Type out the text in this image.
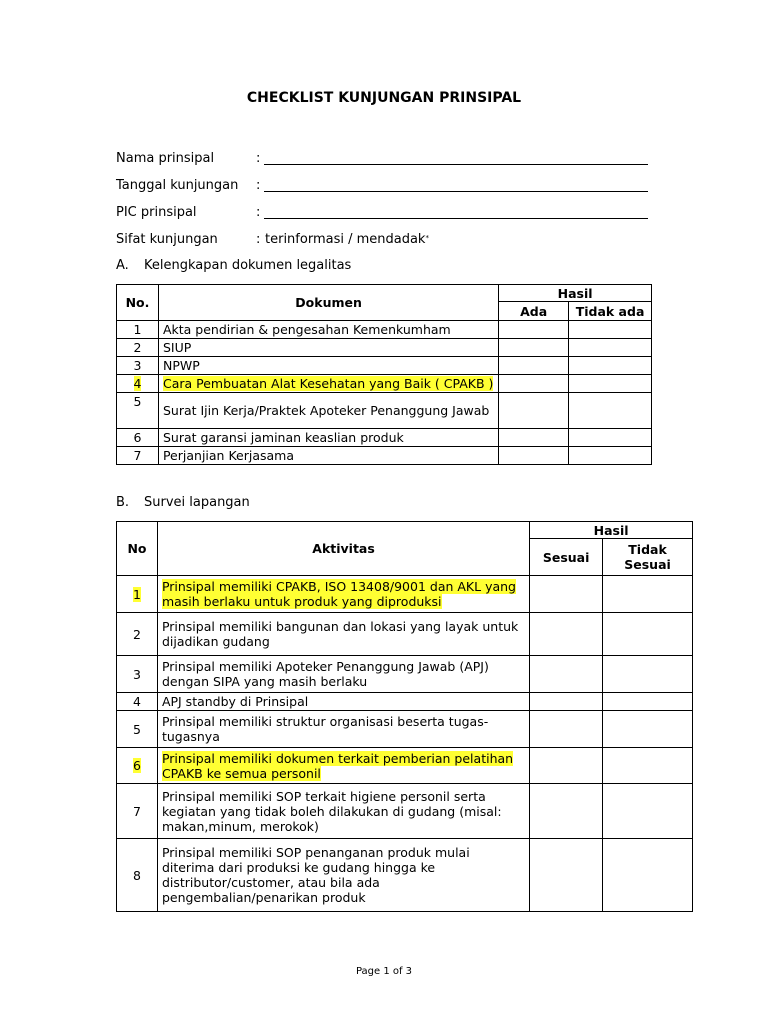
CHECKLIST KUNJUNGAN PRINSIPAL
Nama prinsipal	:
Tanggal kunjungan :
PIC prinsipal	:
Sifat kunjungan	: terinformasi / mendadak*
A. Kelengkapan dokumen legalitas
No.	Dokumen	Hasil	
		Ada	Tidak ada
1	Akta pendirian & pengesahan Kemenkumham		
2	SIUP		
3	NPWP		
4	Cara Pembuatan Alat Kesehatan yang Baik ( CPAKB )		
5	Surat Ijin Kerja/Praktek Apoteker Penanggung Jawab		
6	Surat garansi jaminan keaslian produk		
7	Perjanjian Kerjasama		
B. Survei lapangan
No	Aktivitas	Hasil	
		Sesuai	Tidak Sesuai
1	Prinsipal memiliki CPAKB, ISO 13408/9001 dan AKL yang masih berlaku untuk produk yang diproduksi		
2	Prinsipal memiliki bangunan dan lokasi yang layak untuk dijadikan gudang		
3	Prinsipal memiliki Apoteker Penanggung Jawab (APJ) dengan SIPA yang masih berlaku		
4	APJ standby di Prinsipal		
5	Prinsipal memiliki struktur organisasi beserta tugas-tugasnya		
6	Prinsipal memiliki dokumen terkait pemberian pelatihan CPAKB ke semua personil		
7	Prinsipal memiliki SOP terkait higiene personil serta kegiatan yang tidak boleh dilakukan di gudang (misal: makan,minum, merokok)		
8	Prinsipal memiliki SOP penanganan produk mulai diterima dari produksi ke gudang hingga ke distributor/customer, atau bila ada pengembalian/penarikan produk		
Page 1 of 3
